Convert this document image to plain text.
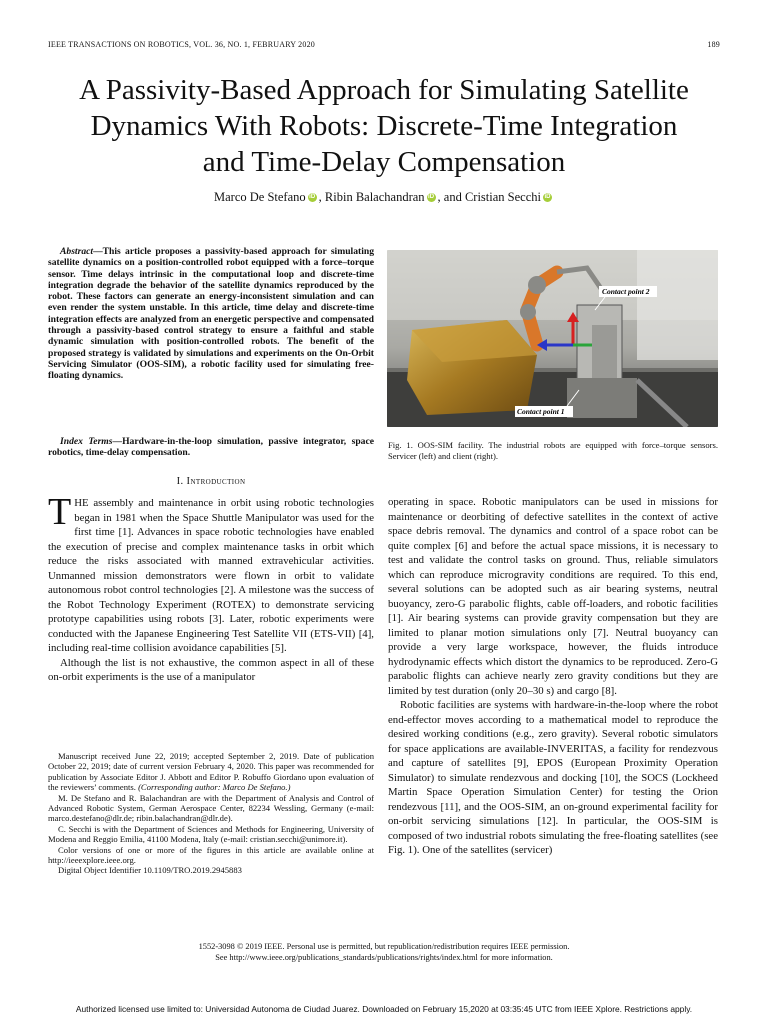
IEEE TRANSACTIONS ON ROBOTICS, VOL. 36, NO. 1, FEBRUARY 2020	189
A Passivity-Based Approach for Simulating Satellite
Dynamics With Robots: Discrete-Time Integration
and Time-Delay Compensation
Marco De Stefano iD , Ribin Balachandran iD , and Cristian Secchi iD
Abstract—This article proposes a passivity-based approach for simulating satellite dynamics on a position-controlled robot equipped with a force–torque sensor. Time delays intrinsic in the computational loop and discrete-time integration degrade the behavior of the satellite dynamics reproduced by the robot. These factors can generate an energy-inconsistent simulation and can even render the system unstable. In this article, time delay and discrete-time integration effects are analyzed from an energetic perspective and compensated through a passivity-based control strategy to ensure a faithful and stable dynamic simulation with position-controlled robots. The benefit of the proposed strategy is validated by simulations and experiments on the On-Orbit Servicing Simulator (OOS-SIM), a robotic facility used for simulating free-floating dynamics.
Index Terms—Hardware-in-the-loop simulation, passive integrator, space robotics, time-delay compensation.
I. Introduction

THE assembly and maintenance in orbit using robotic technologies began in 1981 when the Space Shuttle Manipulator was used for the first time [1]. Advances in space robotic technologies have enabled the execution of precise and complex maintenance tasks in orbit which reduce the risks associated with manned extravehicular activities. Unmanned mission demonstrators were flown in orbit to validate autonomous robot control technologies [2]. A milestone was the success of the Robot Technology Experiment (ROTEX) to demonstrate servicing prototype capabilities using robots [3]. Later, robotic experiments were conducted with the Japanese Engineering Test Satellite VII (ETS-VII) [4], including real-time collision avoidance capabilities [5].

Although the list is not exhaustive, the common aspect in all of these on-orbit experiments is the use of a manipulator

Manuscript received June 22, 2019; accepted September 2, 2019. Date of publication October 22, 2019; date of current version February 4, 2020. This paper was recommended for publication by Associate Editor J. Abbott and Editor P. Robuffo Giordano upon evaluation of the reviewers’ comments. (Corresponding author: Marco De Stefano.)

M. De Stefano and R. Balachandran are with the Department of Analysis and Control of Advanced Robotic System, German Aerospace Center, 82234 Wessling, Germany (e-mail: marco.destefano@dlr.de; ribin.balachandran@dlr.de).

C. Secchi is with the Department of Sciences and Methods for Engineering, University of Modena and Reggio Emilia, 41100 Modena, Italy (e-mail: cristian.secchi@unimore.it).

Color versions of one or more of the figures in this article are available online at http://ieeexplore.ieee.org.

Digital Object Identifier 10.1109/TRO.2019.2945883

Contact point 2
Contact point 1
Fig. 1. OOS-SIM facility. The industrial robots are equipped with force–torque sensors. Servicer (left) and client (right).

operating in space. Robotic manipulators can be used in missions for maintenance or deorbiting of defective satellites in the context of active space debris removal. The dynamics and control of a space robot can be quite complex [6] and before the actual space missions, it is necessary to test and validate the control tasks on ground. Thus, reliable simulators which can reproduce microgravity conditions are required. To this end, several solutions can be adopted such as air bearing systems, neutral buoyancy, zero-G parabolic flights, cable off-loaders, and robotic facilities [1]. Air bearing systems can provide gravity compensation but they are limited to planar motion simulations only [7]. Neutral buoyancy can provide a very large workspace, however, the fluids introduce hydrodynamic effects which distort the dynamics to be reproduced. Zero-G parabolic flights can achieve nearly zero gravity conditions but they are limited by test duration (only 20–30 s) and cargo [8].

Robotic facilities are systems with hardware-in-the-loop where the robot end-effector moves according to a mathematical model to reproduce the desired working conditions (e.g., zero gravity). Several robotic simulators for space applications are available-INVERITAS, a facility for rendezvous and capture of satellites [9], EPOS (European Proximity Operation Simulator) to simulate rendezvous and docking [10], the SOCS (Lockheed Martin Space Operation Simulation Center) for testing the Orion rendezvous [11], and the OOS-SIM, an on-ground experimental facility for on-orbit servicing simulations [12]. In particular, the OOS-SIM is composed of two industrial robots simulating the free-floating satellites (see Fig. 1). One of the satellites (servicer)

1552-3098 © 2019 IEEE. Personal use is permitted, but republication/redistribution requires IEEE permission.
See http://www.ieee.org/publications_standards/publications/rights/index.html for more information.
Authorized licensed use limited to: Universidad Autonoma de Ciudad Juarez. Downloaded on February 15,2020 at 03:35:45 UTC from IEEE Xplore. Restrictions apply.
